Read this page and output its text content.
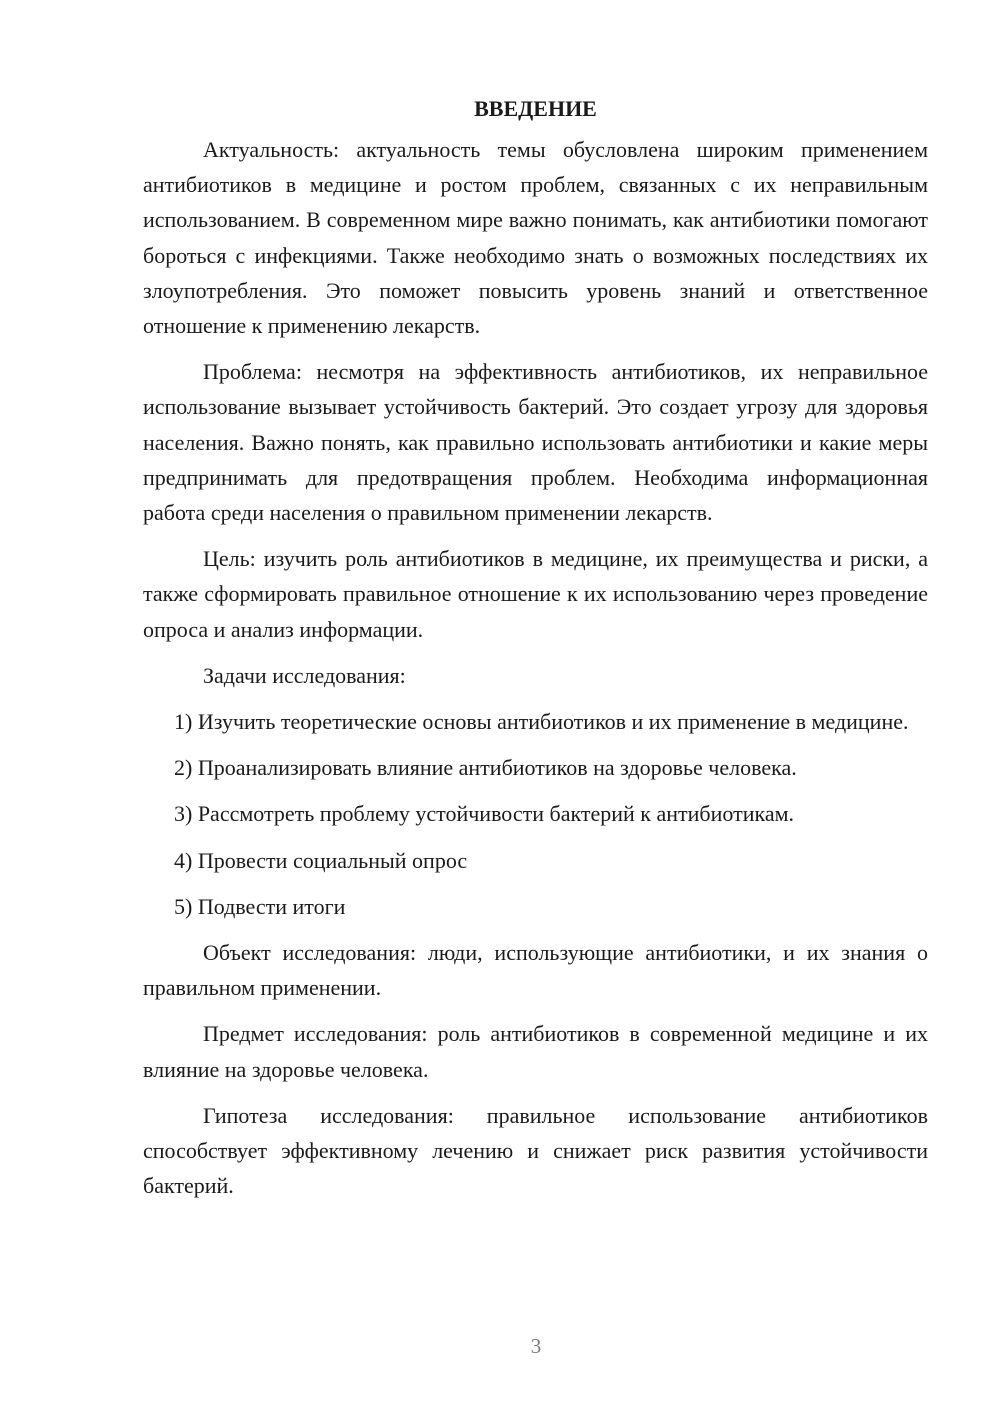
ВВЕДЕНИЕ

Актуальность: актуальность темы обусловлена широким применением антибиотиков в медицине и ростом проблем, связанных с их неправильным использованием. В современном мире важно понимать, как антибиотики помогают бороться с инфекциями. Также необходимо знать о возможных последствиях их злоупотребления. Это поможет повысить уровень знаний и ответственное отношение к применению лекарств.

Проблема: несмотря на эффективность антибиотиков, их неправильное использование вызывает устойчивость бактерий. Это создает угрозу для здоровья населения. Важно понять, как правильно использовать антибиотики и какие меры предпринимать для предотвращения проблем. Необходима информационная работа среди населения о правильном применении лекарств.

Цель: изучить роль антибиотиков в медицине, их преимущества и риски, а также сформировать правильное отношение к их использованию через проведение опроса и анализ информации.

Задачи исследования:

1) Изучить теоретические основы антибиотиков и их применение в медицине.

2) Проанализировать влияние антибиотиков на здоровье человека.

3) Рассмотреть проблему устойчивости бактерий к антибиотикам.

4) Провести социальный опрос

5) Подвести итоги

Объект исследования: люди, использующие антибиотики, и их знания о правильном применении.

Предмет исследования: роль антибиотиков в современной медицине и их влияние на здоровье человека.

Гипотеза исследования: правильное использование антибиотиков способствует эффективному лечению и снижает риск развития устойчивости бактерий.

3
